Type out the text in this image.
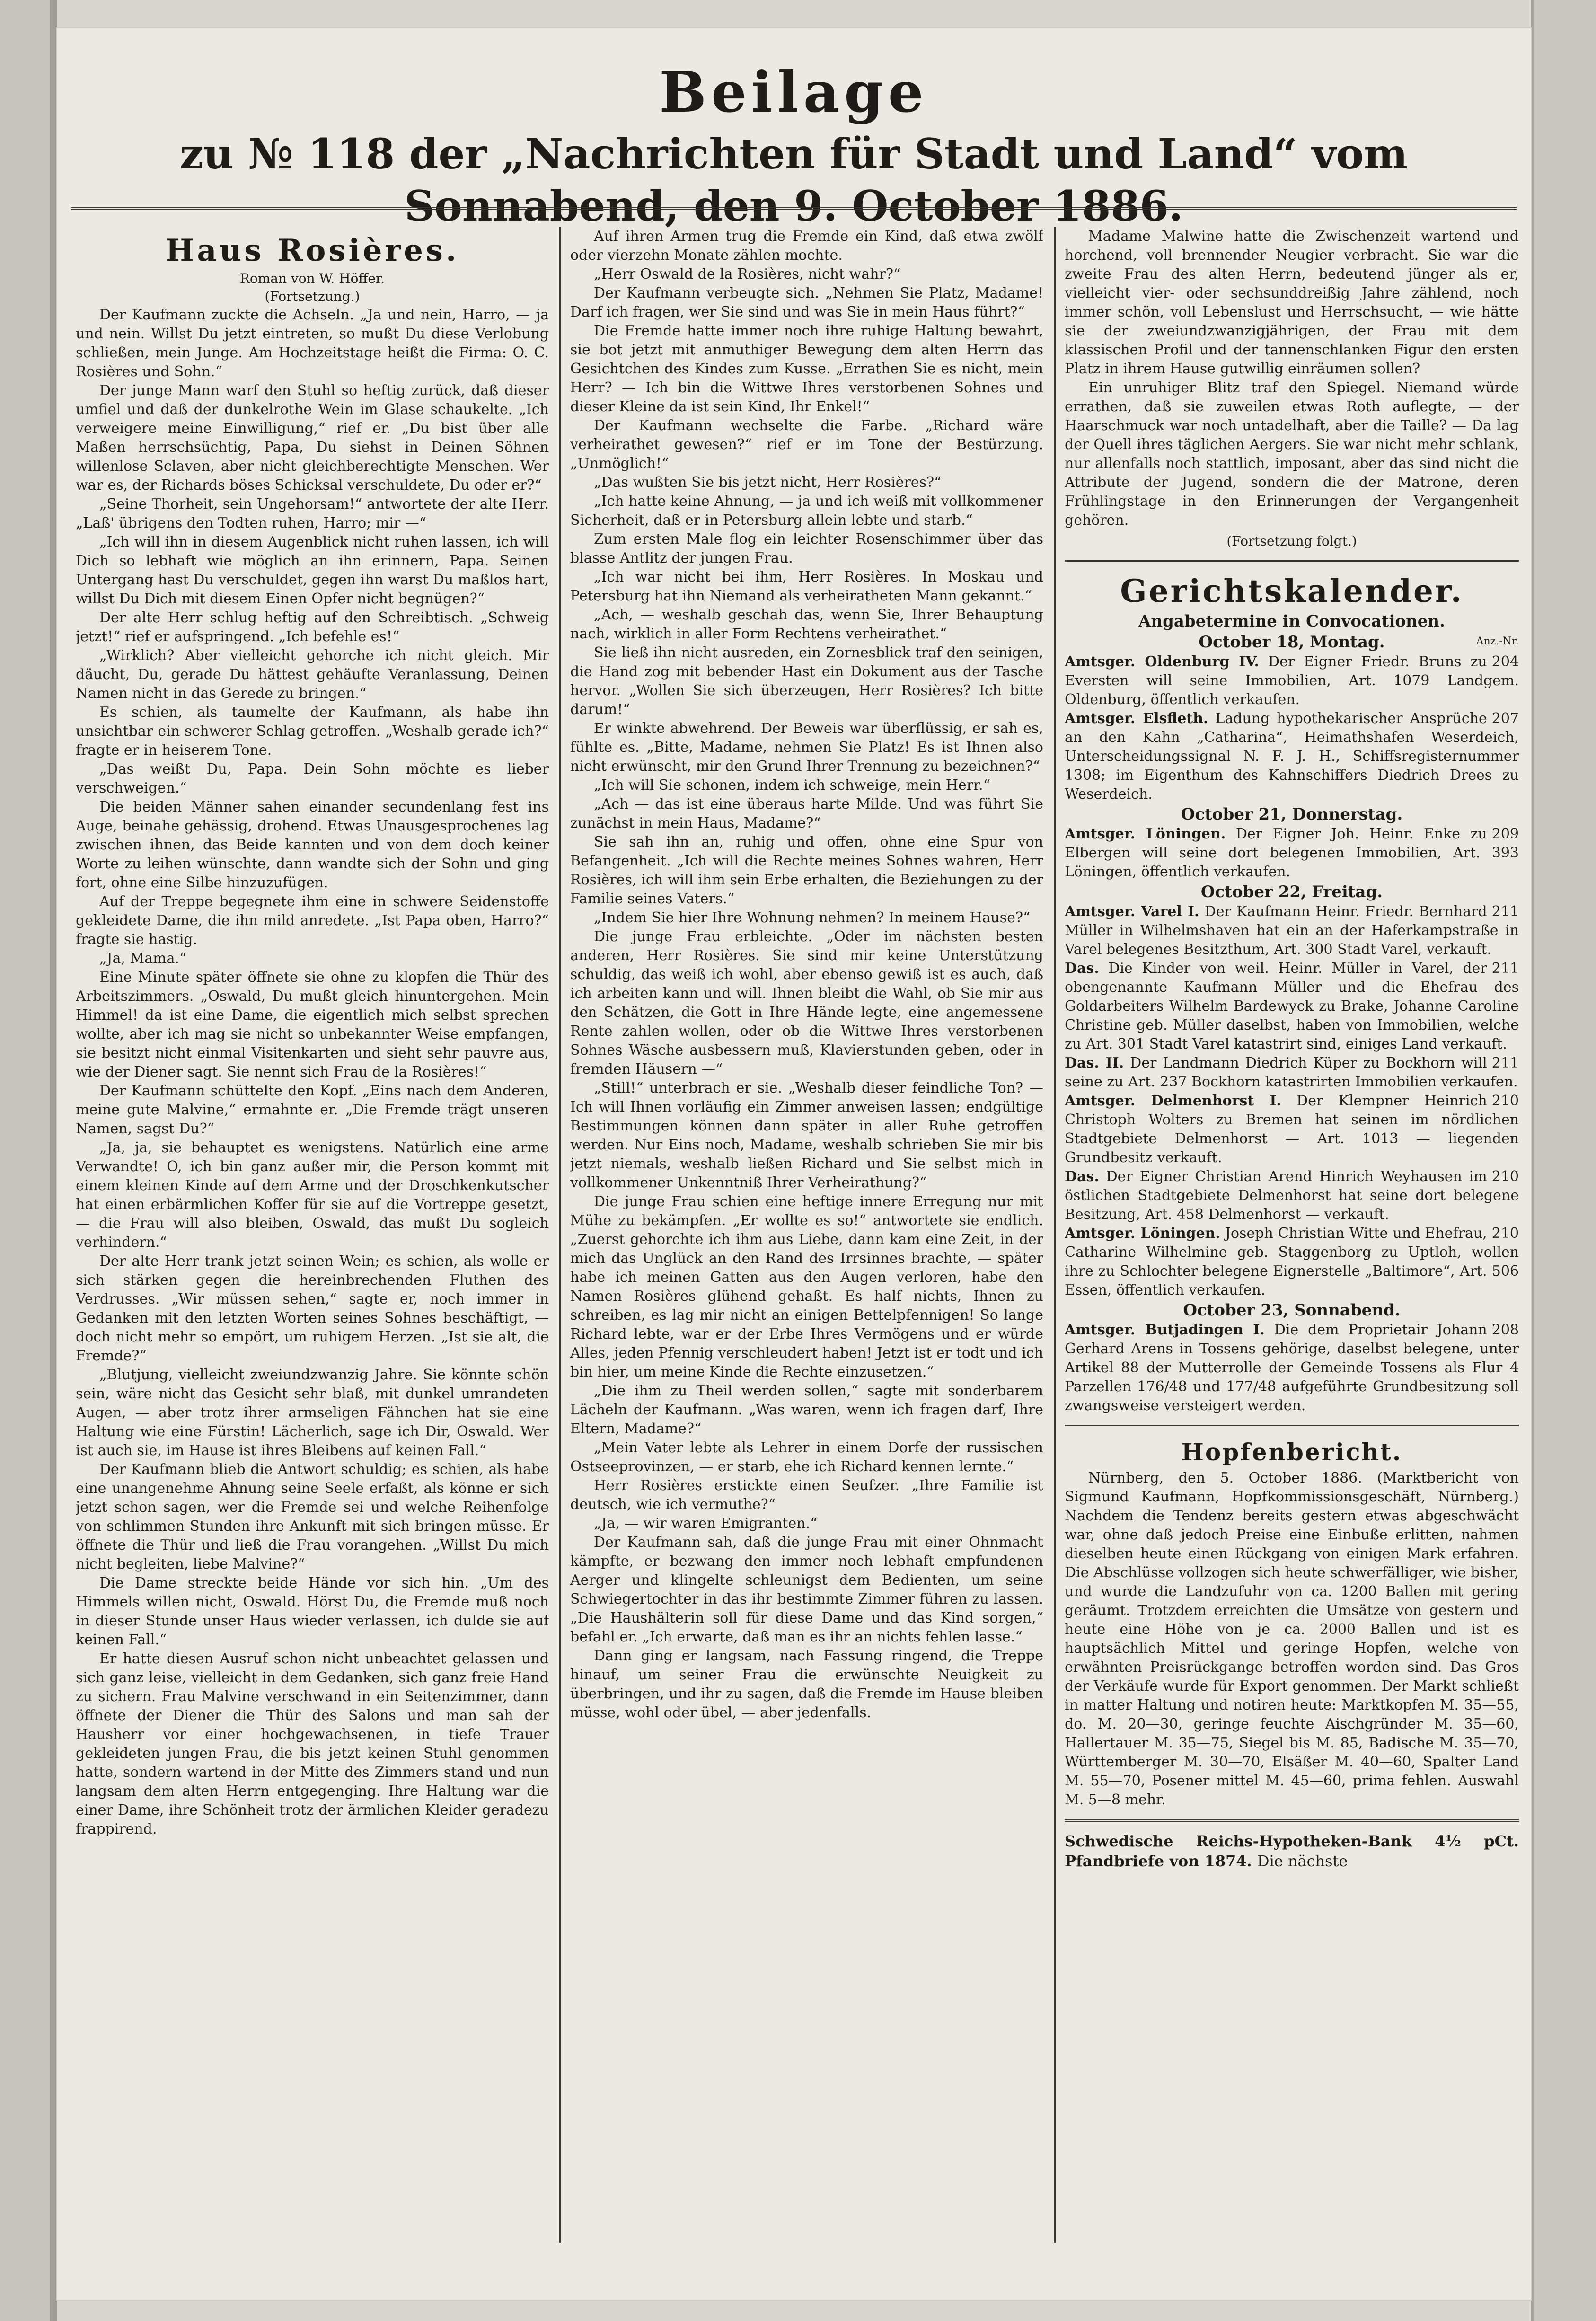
Beilage
zu № 118 der „Nachrichten für Stadt und Land“ vom Sonnabend, den 9. October 1886.
Haus Rosières.
Roman von W. Höffer.
(Fortsetzung.)

Der Kaufmann zuckte die Achseln. „Ja und nein, Harro, — ja und nein. Willst Du jetzt eintreten, so mußt Du diese Verlobung schließen, mein Junge. Am Hochzeitstage heißt die Firma: O. C. Rosières und Sohn.“

Der junge Mann warf den Stuhl so heftig zurück, daß dieser umfiel und daß der dunkelrothe Wein im Glase schaukelte. „Ich verweigere meine Einwilligung,“ rief er. „Du bist über alle Maßen herrschsüchtig, Papa, Du siehst in Deinen Söhnen willenlose Sclaven, aber nicht gleichberechtigte Menschen. Wer war es, der Richards böses Schicksal verschuldete, Du oder er?“

„Seine Thorheit, sein Ungehorsam!“ antwortete der alte Herr. „Laß' übrigens den Todten ruhen, Harro; mir —“

„Ich will ihn in diesem Augenblick nicht ruhen lassen, ich will Dich so lebhaft wie möglich an ihn erinnern, Papa. Seinen Untergang hast Du verschuldet, gegen ihn warst Du maßlos hart, willst Du Dich mit diesem Einen Opfer nicht begnügen?“

Der alte Herr schlug heftig auf den Schreibtisch. „Schweig jetzt!“ rief er aufspringend. „Ich befehle es!“

„Wirklich? Aber vielleicht gehorche ich nicht gleich. Mir däucht, Du, gerade Du hättest gehäufte Veranlassung, Deinen Namen nicht in das Gerede zu bringen.“

Es schien, als taumelte der Kaufmann, als habe ihn unsichtbar ein schwerer Schlag getroffen. „Weshalb gerade ich?“ fragte er in heiserem Tone.

„Das weißt Du, Papa. Dein Sohn möchte es lieber verschweigen.“

Die beiden Männer sahen einander secundenlang fest ins Auge, beinahe gehässig, drohend. Etwas Unausgesprochenes lag zwischen ihnen, das Beide kannten und von dem doch keiner Worte zu leihen wünschte, dann wandte sich der Sohn und ging fort, ohne eine Silbe hinzuzufügen.

Auf der Treppe begegnete ihm eine in schwere Seidenstoffe gekleidete Dame, die ihn mild anredete. „Ist Papa oben, Harro?“ fragte sie hastig.

„Ja, Mama.“

Eine Minute später öffnete sie ohne zu klopfen die Thür des Arbeitszimmers. „Oswald, Du mußt gleich hinuntergehen. Mein Himmel! da ist eine Dame, die eigentlich mich selbst sprechen wollte, aber ich mag sie nicht so unbekannter Weise empfangen, sie besitzt nicht einmal Visitenkarten und sieht sehr pauvre aus, wie der Diener sagt. Sie nennt sich Frau de la Rosières!“

Der Kaufmann schüttelte den Kopf. „Eins nach dem Anderen, meine gute Malvine,“ ermahnte er. „Die Fremde trägt unseren Namen, sagst Du?“

„Ja, ja, sie behauptet es wenigstens. Natürlich eine arme Verwandte! O, ich bin ganz außer mir, die Person kommt mit einem kleinen Kinde auf dem Arme und der Droschkenkutscher hat einen erbärmlichen Koffer für sie auf die Vortreppe gesetzt, — die Frau will also bleiben, Oswald, das mußt Du sogleich verhindern.“

Der alte Herr trank jetzt seinen Wein; es schien, als wolle er sich stärken gegen die hereinbrechenden Fluthen des Verdrusses. „Wir müssen sehen,“ sagte er, noch immer in Gedanken mit den letzten Worten seines Sohnes beschäftigt, — doch nicht mehr so empört, um ruhigem Herzen. „Ist sie alt, die Fremde?“

„Blutjung, vielleicht zweiundzwanzig Jahre. Sie könnte schön sein, wäre nicht das Gesicht sehr blaß, mit dunkel umrandeten Augen, — aber trotz ihrer armseligen Fähnchen hat sie eine Haltung wie eine Fürstin! Lächerlich, sage ich Dir, Oswald. Wer ist auch sie, im Hause ist ihres Bleibens auf keinen Fall.“

Der Kaufmann blieb die Antwort schuldig; es schien, als habe eine unangenehme Ahnung seine Seele erfaßt, als könne er sich jetzt schon sagen, wer die Fremde sei und welche Reihenfolge von schlimmen Stunden ihre Ankunft mit sich bringen müsse. Er öffnete die Thür und ließ die Frau vorangehen. „Willst Du mich nicht begleiten, liebe Malvine?“

Die Dame streckte beide Hände vor sich hin. „Um des Himmels willen nicht, Oswald. Hörst Du, die Fremde muß noch in dieser Stunde unser Haus wieder verlassen, ich dulde sie auf keinen Fall.“

Er hatte diesen Ausruf schon nicht unbeachtet gelassen und sich ganz leise, vielleicht in dem Gedanken, sich ganz freie Hand zu sichern. Frau Malvine verschwand in ein Seitenzimmer, dann öffnete der Diener die Thür des Salons und man sah der Hausherr vor einer hochgewachsenen, in tiefe Trauer gekleideten jungen Frau, die bis jetzt keinen Stuhl genommen hatte, sondern wartend in der Mitte des Zimmers stand und nun langsam dem alten Herrn entgegenging. Ihre Haltung war die einer Dame, ihre Schönheit trotz der ärmlichen Kleider geradezu frappirend.

Auf ihren Armen trug die Fremde ein Kind, daß etwa zwölf oder vierzehn Monate zählen mochte.

„Herr Oswald de la Rosières, nicht wahr?“

Der Kaufmann verbeugte sich. „Nehmen Sie Platz, Madame! Darf ich fragen, wer Sie sind und was Sie in mein Haus führt?“

Die Fremde hatte immer noch ihre ruhige Haltung bewahrt, sie bot jetzt mit anmuthiger Bewegung dem alten Herrn das Gesichtchen des Kindes zum Kusse. „Errathen Sie es nicht, mein Herr? — Ich bin die Wittwe Ihres verstorbenen Sohnes und dieser Kleine da ist sein Kind, Ihr Enkel!“

Der Kaufmann wechselte die Farbe. „Richard wäre verheirathet gewesen?“ rief er im Tone der Bestürzung. „Unmöglich!“

„Das wußten Sie bis jetzt nicht, Herr Rosières?“

„Ich hatte keine Ahnung, — ja und ich weiß mit vollkommener Sicherheit, daß er in Petersburg allein lebte und starb.“

Zum ersten Male flog ein leichter Rosenschimmer über das blasse Antlitz der jungen Frau.

„Ich war nicht bei ihm, Herr Rosières. In Moskau und Petersburg hat ihn Niemand als verheiratheten Mann gekannt.“

„Ach, — weshalb geschah das, wenn Sie, Ihrer Behauptung nach, wirklich in aller Form Rechtens verheirathet.“

Sie ließ ihn nicht ausreden, ein Zornesblick traf den seinigen, die Hand zog mit bebender Hast ein Dokument aus der Tasche hervor. „Wollen Sie sich überzeugen, Herr Rosières? Ich bitte darum!“

Er winkte abwehrend. Der Beweis war überflüssig, er sah es, fühlte es. „Bitte, Madame, nehmen Sie Platz! Es ist Ihnen also nicht erwünscht, mir den Grund Ihrer Trennung zu bezeichnen?“

„Ich will Sie schonen, indem ich schweige, mein Herr.“

„Ach — das ist eine überaus harte Milde. Und was führt Sie zunächst in mein Haus, Madame?“

Sie sah ihn an, ruhig und offen, ohne eine Spur von Befangenheit. „Ich will die Rechte meines Sohnes wahren, Herr Rosières, ich will ihm sein Erbe erhalten, die Beziehungen zu der Familie seines Vaters.“

„Indem Sie hier Ihre Wohnung nehmen? In meinem Hause?“

Die junge Frau erbleichte. „Oder im nächsten besten anderen, Herr Rosières. Sie sind mir keine Unterstützung schuldig, das weiß ich wohl, aber ebenso gewiß ist es auch, daß ich arbeiten kann und will. Ihnen bleibt die Wahl, ob Sie mir aus den Schätzen, die Gott in Ihre Hände legte, eine angemessene Rente zahlen wollen, oder ob die Wittwe Ihres verstorbenen Sohnes Wäsche ausbessern muß, Klavierstunden geben, oder in fremden Häusern —“

„Still!“ unterbrach er sie. „Weshalb dieser feindliche Ton? — Ich will Ihnen vorläufig ein Zimmer anweisen lassen; endgültige Bestimmungen können dann später in aller Ruhe getroffen werden. Nur Eins noch, Madame, weshalb schrieben Sie mir bis jetzt niemals, weshalb ließen Richard und Sie selbst mich in vollkommener Unkenntniß Ihrer Verheirathung?“

Die junge Frau schien eine heftige innere Erregung nur mit Mühe zu bekämpfen. „Er wollte es so!“ antwortete sie endlich. „Zuerst gehorchte ich ihm aus Liebe, dann kam eine Zeit, in der mich das Unglück an den Rand des Irrsinnes brachte, — später habe ich meinen Gatten aus den Augen verloren, habe den Namen Rosières glühend gehaßt. Es half nichts, Ihnen zu schreiben, es lag mir nicht an einigen Bettelpfennigen! So lange Richard lebte, war er der Erbe Ihres Vermögens und er würde Alles, jeden Pfennig verschleudert haben! Jetzt ist er todt und ich bin hier, um meine Kinde die Rechte einzusetzen.“

„Die ihm zu Theil werden sollen,“ sagte mit sonderbarem Lächeln der Kaufmann. „Was waren, wenn ich fragen darf, Ihre Eltern, Madame?“

„Mein Vater lebte als Lehrer in einem Dorfe der russischen Ostseeprovinzen, — er starb, ehe ich Richard kennen lernte.“

Herr Rosières erstickte einen Seufzer. „Ihre Familie ist deutsch, wie ich vermuthe?“

„Ja, — wir waren Emigranten.“

Der Kaufmann sah, daß die junge Frau mit einer Ohnmacht kämpfte, er bezwang den immer noch lebhaft empfundenen Aerger und klingelte schleunigst dem Bedienten, um seine Schwiegertochter in das ihr bestimmte Zimmer führen zu lassen. „Die Haushälterin soll für diese Dame und das Kind sorgen,“ befahl er. „Ich erwarte, daß man es ihr an nichts fehlen lasse.“

Dann ging er langsam, nach Fassung ringend, die Treppe hinauf, um seiner Frau die erwünschte Neuigkeit zu überbringen, und ihr zu sagen, daß die Fremde im Hause bleiben müsse, wohl oder übel, — aber jedenfalls.

Madame Malwine hatte die Zwischenzeit wartend und horchend, voll brennender Neugier verbracht. Sie war die zweite Frau des alten Herrn, bedeutend jünger als er, vielleicht vier- oder sechsunddreißig Jahre zählend, noch immer schön, voll Lebenslust und Herrschsucht, — wie hätte sie der zweiundzwanzigjährigen, der Frau mit dem klassischen Profil und der tannenschlanken Figur den ersten Platz in ihrem Hause gutwillig einräumen sollen?

Ein unruhiger Blitz traf den Spiegel. Niemand würde errathen, daß sie zuweilen etwas Roth auflegte, — der Haarschmuck war noch untadelhaft, aber die Taille? — Da lag der Quell ihres täglichen Aergers. Sie war nicht mehr schlank, nur allenfalls noch stattlich, imposant, aber das sind nicht die Attribute der Jugend, sondern die der Matrone, deren Frühlingstage in den Erinnerungen der Vergangenheit gehören.

(Fortsetzung folgt.)
Gerichtskalender.
Angabetermine in Convocationen.
October 18, Montag.	Anz.-Nr.
204
Amtsger. Oldenburg IV. Der Eigner Friedr. Bruns zu Eversten will seine Immobilien, Art. 1079 Landgem. Oldenburg, öffentlich verkaufen.
207
Amtsger. Elsfleth. Ladung hypothekarischer Ansprüche an den Kahn „Catharina“, Heimathshafen Weserdeich, Unterscheidungssignal N. F. J. H., Schiffsregisternummer 1308; im Eigenthum des Kahnschiffers Diedrich Drees zu Weserdeich.
October 21, Donnerstag.
209
Amtsger. Löningen. Der Eigner Joh. Heinr. Enke zu Elbergen will seine dort belegenen Immobilien, Art. 393 Löningen, öffentlich verkaufen.
October 22, Freitag.
211
Amtsger. Varel I. Der Kaufmann Heinr. Friedr. Bernhard Müller in Wilhelmshaven hat ein an der Haferkampstraße in Varel belegenes Besitzthum, Art. 300 Stadt Varel, verkauft.
211
Das. Die Kinder von weil. Heinr. Müller in Varel, der obengenannte Kaufmann Müller und die Ehefrau des Goldarbeiters Wilhelm Bardewyck zu Brake, Johanne Caroline Christine geb. Müller daselbst, haben von Immobilien, welche zu Art. 301 Stadt Varel katastrirt sind, einiges Land verkauft.
211
Das. II. Der Landmann Diedrich Küper zu Bockhorn will seine zu Art. 237 Bockhorn katastrirten Immobilien verkaufen.
210
Amtsger. Delmenhorst I. Der Klempner Heinrich Christoph Wolters zu Bremen hat seinen im nördlichen Stadtgebiete Delmenhorst — Art. 1013 — liegenden Grundbesitz verkauft.
210
Das. Der Eigner Christian Arend Hinrich Weyhausen im östlichen Stadtgebiete Delmenhorst hat seine dort belegene Besitzung, Art. 458 Delmenhorst — verkauft.
210
Amtsger. Löningen. Joseph Christian Witte und Ehefrau, Catharine Wilhelmine geb. Staggenborg zu Uptloh, wollen ihre zu Schlochter belegene Eignerstelle „Baltimore“, Art. 506 Essen, öffentlich verkaufen.
October 23, Sonnabend.
208
Amtsger. Butjadingen I. Die dem Proprietair Johann Gerhard Arens in Tossens gehörige, daselbst belegene, unter Artikel 88 der Mutterrolle der Gemeinde Tossens als Flur 4 Parzellen 176/48 und 177/48 aufgeführte Grundbesitzung soll zwangsweise versteigert werden.
Hopfenbericht.

Nürnberg, den 5. October 1886. (Marktbericht von Sigmund Kaufmann, Hopfkommissionsgeschäft, Nürnberg.) Nachdem die Tendenz bereits gestern etwas abgeschwächt war, ohne daß jedoch Preise eine Einbuße erlitten, nahmen dieselben heute einen Rückgang von einigen Mark erfahren. Die Abschlüsse vollzogen sich heute schwerfälliger, wie bisher, und wurde die Landzufuhr von ca. 1200 Ballen mit gering geräumt. Trotzdem erreichten die Umsätze von gestern und heute eine Höhe von je ca. 2000 Ballen und ist es hauptsächlich Mittel und geringe Hopfen, welche von erwähnten Preisrückgange betroffen worden sind. Das Gros der Verkäufe wurde für Export genommen. Der Markt schließt in matter Haltung und notiren heute: Marktkopfen M. 35—55, do. M. 20—30, geringe feuchte Aischgründer M. 35—60, Hallertauer M. 35—75, Siegel bis M. 85, Badische M. 35—70, Württemberger M. 30—70, Elsäßer M. 40—60, Spalter Land M. 55—70, Posener mittel M. 45—60, prima fehlen. Auswahl M. 5—8 mehr.

Schwedische Reichs-Hypotheken-Bank 4½ pCt. Pfandbriefe von 1874. Die nächste
